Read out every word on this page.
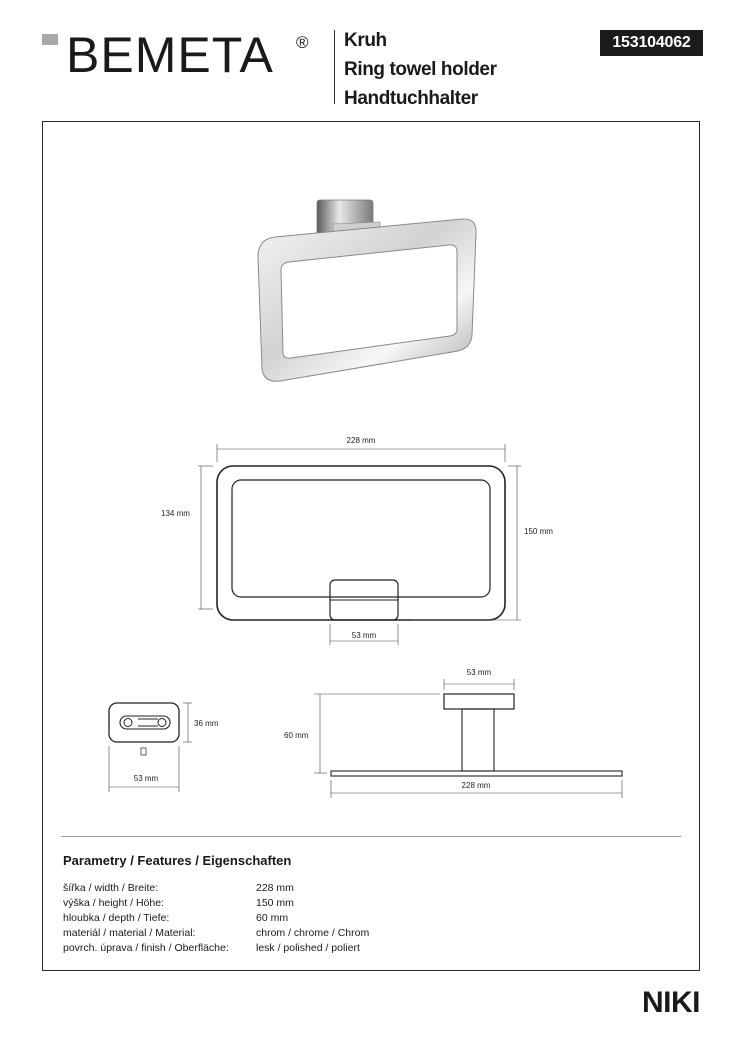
BEMETA ® Kruh
Ring towel holder
Handtuchhalter
153104062
228 mm
134 mm
150 mm
53 mm
36 mm
53 mm
53 mm
60 mm
228 mm
Parametry / Features / Eigenschaften
šířka / width / Breite:	228 mm
výška / height / Höhe:	150 mm
hloubka / depth / Tiefe:	60 mm
materiál / material / Material:	chrom / chrome / Chrom
povrch. úprava / finish / Oberfläche:	lesk / polished / poliert
NIKI
